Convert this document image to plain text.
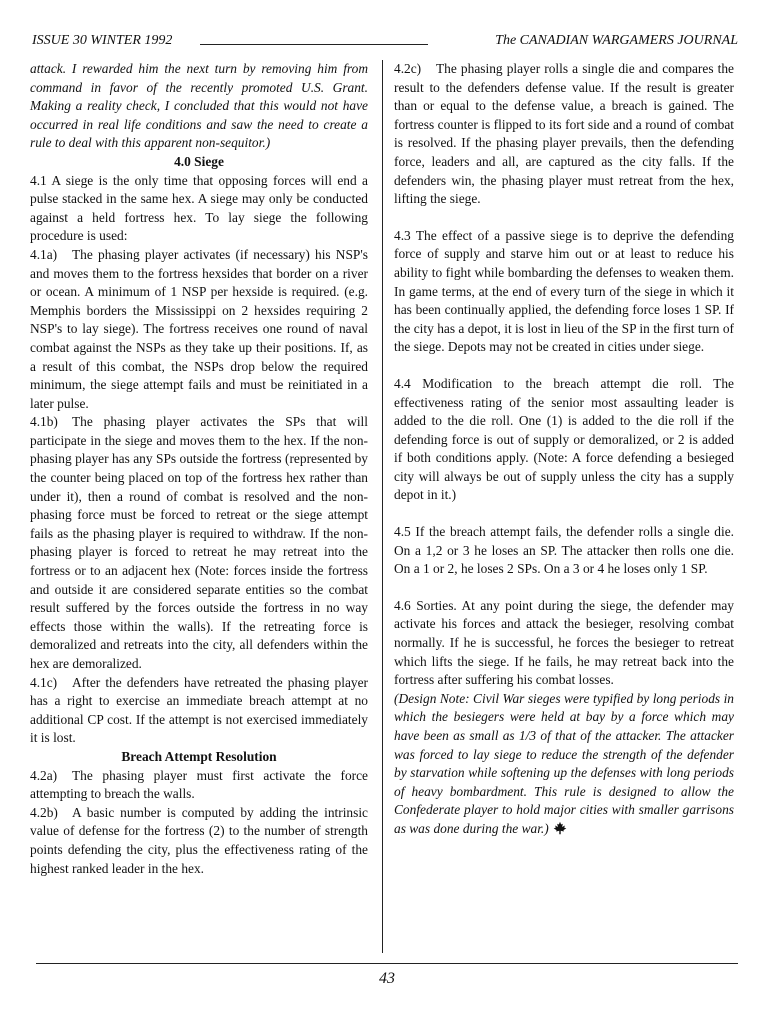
ISSUE 30 WINTER 1992	The CANADIAN WARGAMERS JOURNAL

attack. I rewarded him the next turn by removing him from command in favor of the recently promoted U.S. Grant. Making a reality check, I concluded that this would not have occurred in real life conditions and saw the need to create a rule to deal with this apparent non-sequitor.)

4.0 Siege

4.1 A siege is the only time that opposing forces will end a pulse stacked in the same hex. A siege may only be conducted against a held fortress hex. To lay siege the following procedure is used:

4.1a) The phasing player activates (if necessary) his NSP's and moves them to the fortress hexsides that border on a river or ocean. A minimum of 1 NSP per hexside is required. (e.g. Memphis borders the Mississippi on 2 hexsides requiring 2 NSP's to lay siege). The fortress receives one round of naval combat against the NSPs as they take up their positions. If, as a result of this combat, the NSPs drop below the required minimum, the siege attempt fails and must be reinitiated in a later pulse.

4.1b) The phasing player activates the SPs that will participate in the siege and moves them to the hex. If the non-phasing player has any SPs outside the fortress (represented by the counter being placed on top of the fortress hex rather than under it), then a round of combat is resolved and the non-phasing force must be forced to retreat or the siege attempt fails as the phasing player is required to withdraw. If the non-phasing player is forced to retreat he may retreat into the fortress or to an adjacent hex (Note: forces inside the fortress and outside it are considered separate entities so the combat result suffered by the forces outside the fortress in no way effects those within the walls). If the retreating force is demoralized and retreats into the city, all defenders within the hex are demoralized.

4.1c) After the defenders have retreated the phasing player has a right to exercise an immediate breach attempt at no additional CP cost. If the attempt is not exercised immediately it is lost.

Breach Attempt Resolution

4.2a) The phasing player must first activate the force attempting to breach the walls.

4.2b) A basic number is computed by adding the intrinsic value of defense for the fortress (2) to the number of strength points defending the city, plus the effectiveness rating of the highest ranked leader in the hex.

4.2c) The phasing player rolls a single die and compares the result to the defenders defense value. If the result is greater than or equal to the defense value, a breach is gained. The fortress counter is flipped to its fort side and a round of combat is resolved. If the phasing player prevails, then the defending force, leaders and all, are captured as the city falls. If the defenders win, the phasing player must retreat from the hex, lifting the siege.

4.3 The effect of a passive siege is to deprive the defending force of supply and starve him out or at least to reduce his ability to fight while bombarding the defenses to weaken them. In game terms, at the end of every turn of the siege in which it has been continually applied, the defending force loses 1 SP. If the city has a depot, it is lost in lieu of the SP in the first turn of the siege. Depots may not be created in cities under siege.

4.4 Modification to the breach attempt die roll. The effectiveness rating of the senior most assaulting leader is added to the die roll. One (1) is added to the die roll if the defending force is out of supply or demoralized, or 2 is added if both conditions apply. (Note: A force defending a besieged city will always be out of supply unless the city has a supply depot in it.)

4.5 If the breach attempt fails, the defender rolls a single die. On a 1,2 or 3 he loses an SP. The attacker then rolls one die. On a 1 or 2, he loses 2 SPs. On a 3 or 4 he loses only 1 SP.

4.6 Sorties. At any point during the siege, the defender may activate his forces and attack the besieger, resolving combat normally. If he is successful, he forces the besieger to retreat which lifts the siege. If he fails, he may retreat back into the fortress after suffering his combat losses.

(Design Note: Civil War sieges were typified by long periods in which the besiegers were held at bay by a force which may have been as small as 1/3 of that of the attacker. The attacker was forced to lay siege to reduce the strength of the defender by starvation while softening up the defenses with long periods of heavy bombardment. This rule is designed to allow the Confederate player to hold major cities with smaller garrisons as was done during the war.)

43
